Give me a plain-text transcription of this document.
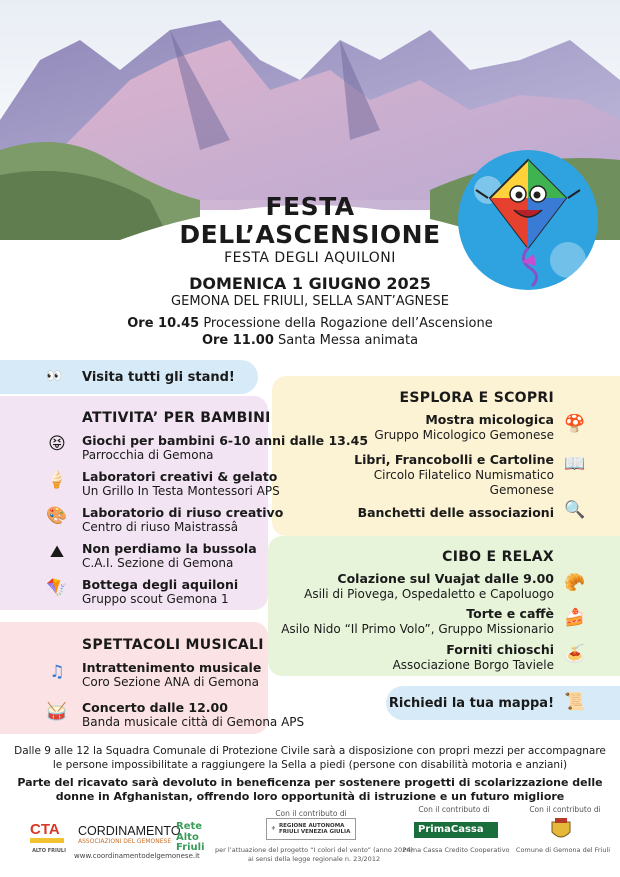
FESTA
DELL’ASCENSIONE
FESTA DEGLI AQUILONI
DOMENICA 1 GIUGNO 2025
GEMONA DEL FRIULI, SELLA SANT’AGNESE
Ore 10.45 Processione della Rogazione dell’Ascensione
Ore 11.00 Santa Messa animata
👀 Visita tutti gli stand!
ATTIVITA’ PER BAMBINI
😝 Giochi per bambini 6-10 anni dalle 13.45
Parrocchia di Gemona
🍦 Laboratori creativi & gelato
Un Grillo In Testa Montessori APS
🎨 Laboratorio di riuso creativo
Centro di riuso Maistrassâ
⛰	Non perdiamo la bussola
C.A.I. Sezione di Gemona
🪁 Bottega degli aquiloni
Gruppo scout Gemona 1
SPETTACOLI MUSICALI
♫ Intrattenimento musicale
Coro Sezione ANA di Gemona
🥁 Concerto dalle 12.00
Banda musicale città di Gemona APS
ESPLORA E SCOPRI
Mostra micologica
Gruppo Micologico Gemonese
🍄
Libri, Francobolli e Cartoline
Circolo Filatelico Numismatico
Gemonese
📖
Banchetti delle associazioni 🔍
CIBO E RELAX
Colazione sul Vuajat dalle 9.00
Asili di Piovega, Ospedaletto e Capoluogo
🥐
Torte e caffè
Asilo Nido “Il Primo Volo”, Gruppo Missionario
🍰
Forniti chioschi
Associazione Borgo Taviele
🍝
Richiedi la tua mappa! 📜
Dalle 9 alle 12 la Squadra Comunale di Protezione Civile sarà a disposizione con propri mezzi per accompagnare
le persone impossibilitate a raggiungere la Sella a piedi (persone con disabilità motoria e anziani)
Parte del ricavato sarà devoluto in beneficenza per sostenere progetti di scolarizzazione delle
donne in Afghanistan, offrendo loro opportunità di istruzione e un futuro migliore
CTA
ALTO FRIULI
CORDINAMENTO
ASSOCIAZIONI DEL GEMONESE
Rete
Alto
Friuli
Con il contributo di
⚜ REGIONE AUTONOMA FRIULI VENEZIA GIULIA
per l’attuazione del progetto “I colori del vento” (anno 2024)
ai sensi della legge regionale n. 23/2012
Con il contributo di
PrimaCassa
Prima Cassa Credito Cooperativo
Con il contributo di
Comune di Gemona del Friuli
www.coordinamentodelgemonese.it
